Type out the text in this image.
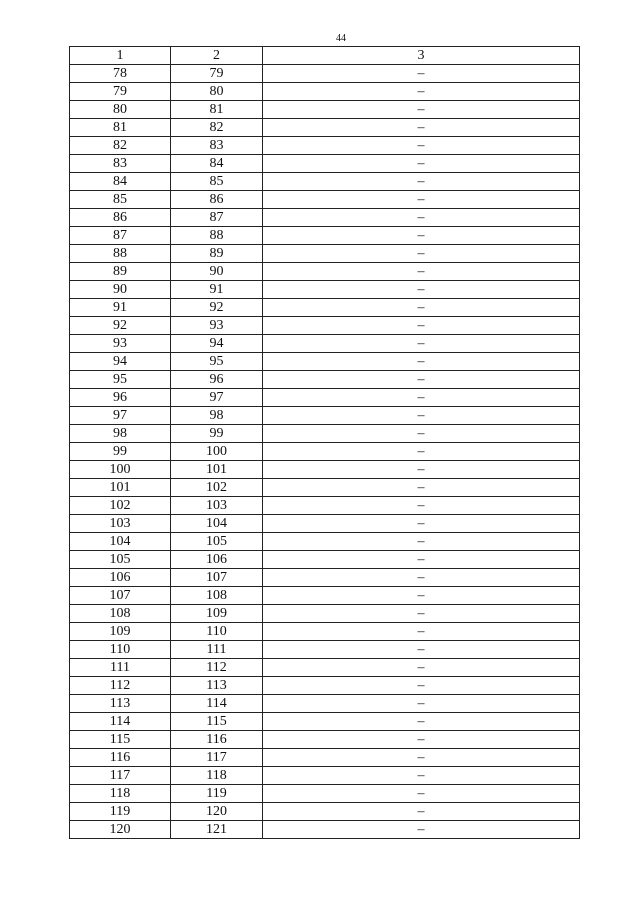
44
1	2	3
78	79	–
79	80	–
80	81	–
81	82	–
82	83	–
83	84	–
84	85	–
85	86	–
86	87	–
87	88	–
88	89	–
89	90	–
90	91	–
91	92	–
92	93	–
93	94	–
94	95	–
95	96	–
96	97	–
97	98	–
98	99	–
99	100	–
100	101	–
101	102	–
102	103	–
103	104	–
104	105	–
105	106	–
106	107	–
107	108	–
108	109	–
109	110	–
110	111	–
111	112	–
112	113	–
113	114	–
114	115	–
115	116	–
116	117	–
117	118	–
118	119	–
119	120	–
120	121	–
